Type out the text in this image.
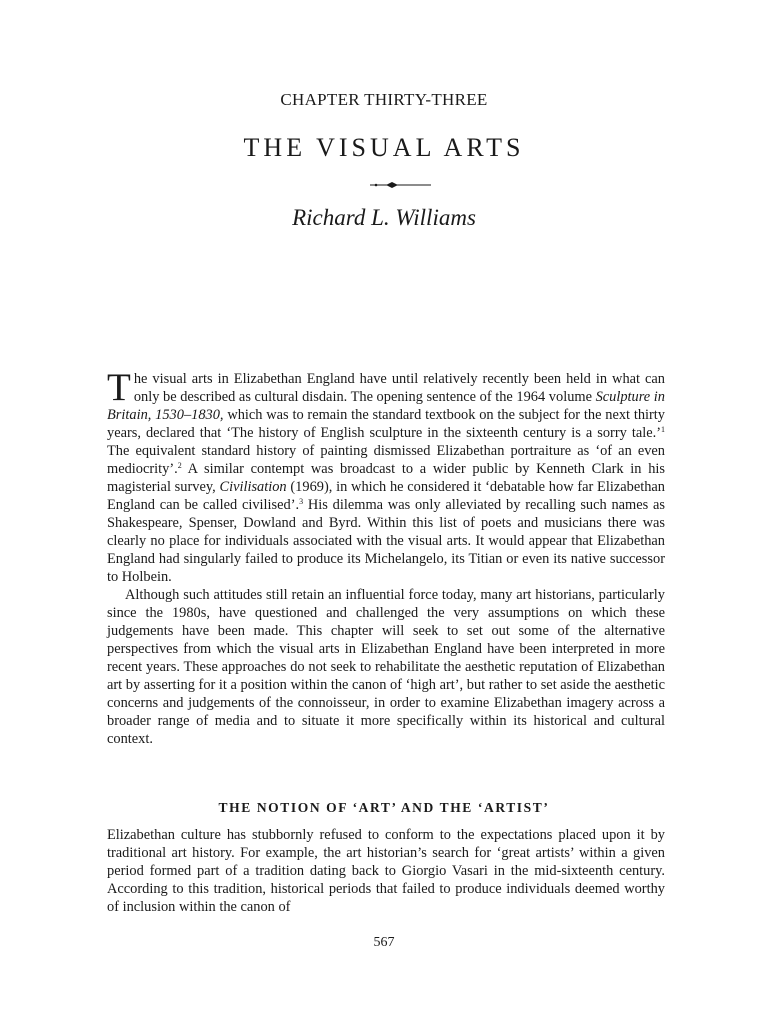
CHAPTER THIRTY-THREE
THE VISUAL ARTS
Richard L. Williams

The visual arts in Elizabethan England have until relatively recently been held in what can only be described as cultural disdain. The opening sentence of the 1964 volume Sculpture in Britain, 1530–1830, which was to remain the standard textbook on the subject for the next thirty years, declared that ‘The history of English sculpture in the sixteenth century is a sorry tale.’$^1$ The equivalent standard history of painting dismissed Elizabethan portraiture as ‘of an even mediocrity’.$^2$ A similar contempt was broadcast to a wider public by Kenneth Clark in his magisterial survey, Civilisation (1969), in which he considered it ‘debatable how far Elizabethan England can be called civilised’.$^3$ His dilemma was only alleviated by recalling such names as Shakespeare, Spenser, Dowland and Byrd. Within this list of poets and musicians there was clearly no place for individuals associated with the visual arts. It would appear that Elizabethan England had singularly failed to produce its Michelangelo, its Titian or even its native successor to Holbein.

Although such attitudes still retain an influential force today, many art historians, particularly since the 1980s, have questioned and challenged the very assumptions on which these judgements have been made. This chapter will seek to set out some of the alternative perspectives from which the visual arts in Elizabethan England have been interpreted in more recent years. These approaches do not seek to rehabilitate the aesthetic reputation of Elizabethan art by asserting for it a position within the canon of ‘high art’, but rather to set aside the aesthetic concerns and judgements of the connoisseur, in order to examine Elizabethan imagery across a broader range of media and to situate it more specifically within its historical and cultural context.

THE NOTION OF ‘ART’ AND THE ‘ARTIST’

Elizabethan culture has stubbornly refused to conform to the expectations placed upon it by traditional art history. For example, the art historian’s search for ‘great artists’ within a given period formed part of a tradition dating back to Giorgio Vasari in the mid-sixteenth century. According to this tradition, historical periods that failed to produce individuals deemed worthy of inclusion within the canon of

567
